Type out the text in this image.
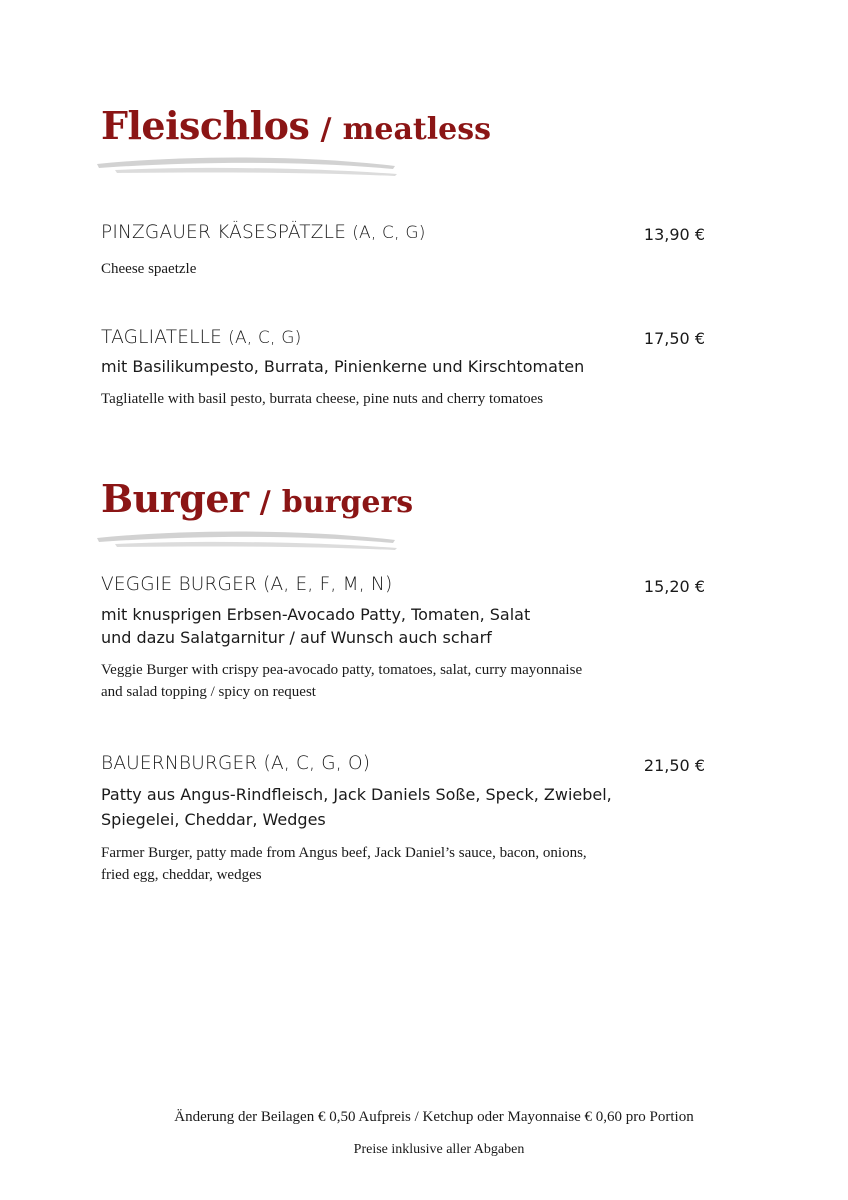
Fleischlos / meatless
PINZGAUER KÄSESPÄTZLE (A, C, G)	13,90 €
Cheese spaetzle
TAGLIATELLE (A, C, G)	17,50 €
mit Basilikumpesto, Burrata, Pinienkerne und Kirschtomaten
Tagliatelle with basil pesto, burrata cheese, pine nuts and cherry tomatoes
Burger / burgers
VEGGIE BURGER (A, E, F, M, N)	15,20 €
mit knusprigen Erbsen-Avocado Patty, Tomaten, Salat
und dazu Salatgarnitur / auf Wunsch auch scharf
Veggie Burger with crispy pea-avocado patty, tomatoes, salat, curry mayonnaise
and salad topping / spicy on request
BAUERNBURGER (A, C, G, O)	21,50 €
Patty aus Angus-Rindfleisch, Jack Daniels Soße, Speck, Zwiebel,
Spiegelei, Cheddar, Wedges
Farmer Burger, patty made from Angus beef, Jack Daniel’s sauce, bacon, onions,
fried egg, cheddar, wedges
Änderung der Beilagen € 0,50 Aufpreis / Ketchup oder Mayonnaise € 0,60 pro Portion
Preise inklusive aller Abgaben
